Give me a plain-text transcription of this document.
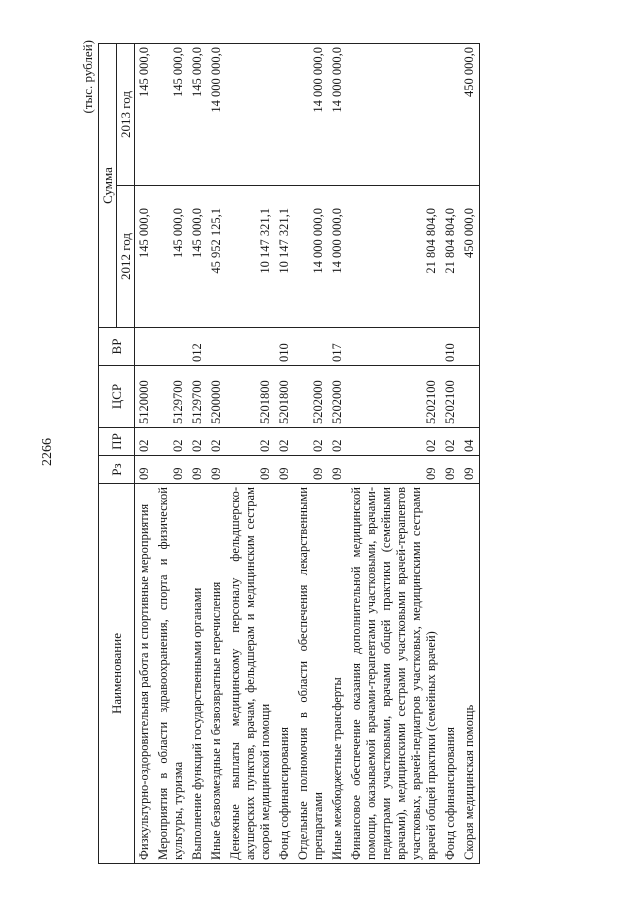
2266
(тыс. рублей)
Наименование	Рз	ПР	ЦСР	ВР	Сумма	
					2012 год	2013 год
Физкультурно-оздоровительная работа и спортивные мероприятия	09	02	5120000		145 000,0	145 000,0
Мероприятия в области здравоохранения, спорта и физической культуры, туризма	09	02	5129700		145 000,0	145 000,0
Выполнение функций государственными органами	09	02	5129700	012	145 000,0	145 000,0
Иные безвозмездные и безвозвратные перечисления	09	02	5200000		45 952 125,1	14 000 000,0
Денежные выплаты медицинскому персоналу фельдшерско-акушерских пунктов, врачам, фельдшерам и медицинским сестрам скорой медицинской помощи	09	02	5201800		10 147 321,1	
Фонд софинансирования	09	02	5201800	010	10 147 321,1	
Отдельные полномочия в области обеспечения лекарственными препаратами	09	02	5202000		14 000 000,0	14 000 000,0
Иные межбюджетные трансферты	09	02	5202000	017	14 000 000,0	14 000 000,0
Финансовое обеспечение оказания дополнительной медицинской помощи, оказываемой врачами-терапевтами участковыми, врачами-педиатрами участковыми, врачами общей практики (семейными врачами), медицинскими сестрами участковыми врачей-терапевтов участковых, врачей-педиатров участковых, медицинскими сестрами врачей общей практики (семейных врачей)	09	02	5202100		21 804 804,0	
Фонд софинансирования	09	02	5202100	010	21 804 804,0	
Скорая медицинская помощь	09	04			450 000,0	450 000,0
